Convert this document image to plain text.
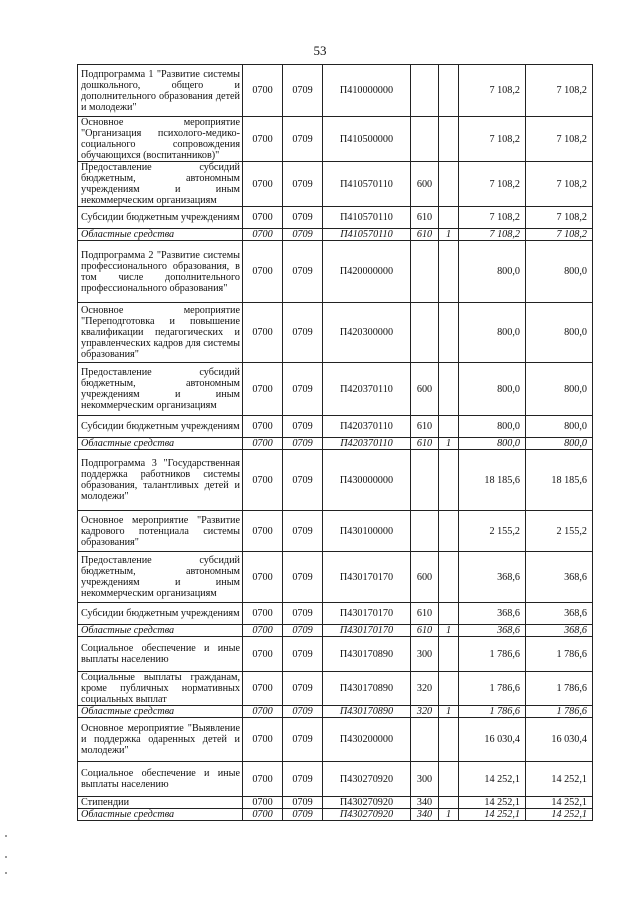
53
Подпрограмма 1 "Развитие системы дошкольного, общего и дополнительного образования детей и молодежи"	0700	0709	П410000000			7 108,2	7 108,2
Основное мероприятие "Организация психолого-медико-социального сопровождения обучающихся (воспитанников)"	0700	0709	П410500000			7 108,2	7 108,2
Предоставление субсидий бюджетным, автономным учреждениям и иным некоммерческим организациям	0700	0709	П410570110	600		7 108,2	7 108,2
Субсидии бюджетным учреждениям	0700	0709	П410570110	610		7 108,2	7 108,2
Областные средства	0700	0709	П410570110	610	1	7 108,2	7 108,2
Подпрограмма 2 "Развитие системы профессионального образования, в том числе дополнительного профессионального образования"	0700	0709	П420000000			800,0	800,0
Основное мероприятие "Переподготовка и повышение квалификации педагогических и управленческих кадров для системы образования"	0700	0709	П420300000			800,0	800,0
Предоставление субсидий бюджетным, автономным учреждениям и иным некоммерческим организациям	0700	0709	П420370110	600		800,0	800,0
Субсидии бюджетным учреждениям	0700	0709	П420370110	610		800,0	800,0
Областные средства	0700	0709	П420370110	610	1	800,0	800,0
Подпрограмма 3 "Государственная поддержка работников системы образования, талантливых детей и молодежи"	0700	0709	П430000000			18 185,6	18 185,6
Основное мероприятие "Развитие кадрового потенциала системы образования"	0700	0709	П430100000			2 155,2	2 155,2
Предоставление субсидий бюджетным, автономным учреждениям и иным некоммерческим организациям	0700	0709	П430170170	600		368,6	368,6
Субсидии бюджетным учреждениям	0700	0709	П430170170	610		368,6	368,6
Областные средства	0700	0709	П430170170	610	1	368,6	368,6
Социальное обеспечение и иные выплаты населению	0700	0709	П430170890	300		1 786,6	1 786,6
Социальные выплаты гражданам, кроме публичных нормативных социальных выплат	0700	0709	П430170890	320		1 786,6	1 786,6
Областные средства	0700	0709	П430170890	320	1	1 786,6	1 786,6
Основное мероприятие "Выявление и поддержка одаренных детей и молодежи"	0700	0709	П430200000			16 030,4	16 030,4
Социальное обеспечение и иные выплаты населению	0700	0709	П430270920	300		14 252,1	14 252,1
Стипендии	0700	0709	П430270920	340		14 252,1	14 252,1
Областные средства	0700	0709	П430270920	340	1	14 252,1	14 252,1
